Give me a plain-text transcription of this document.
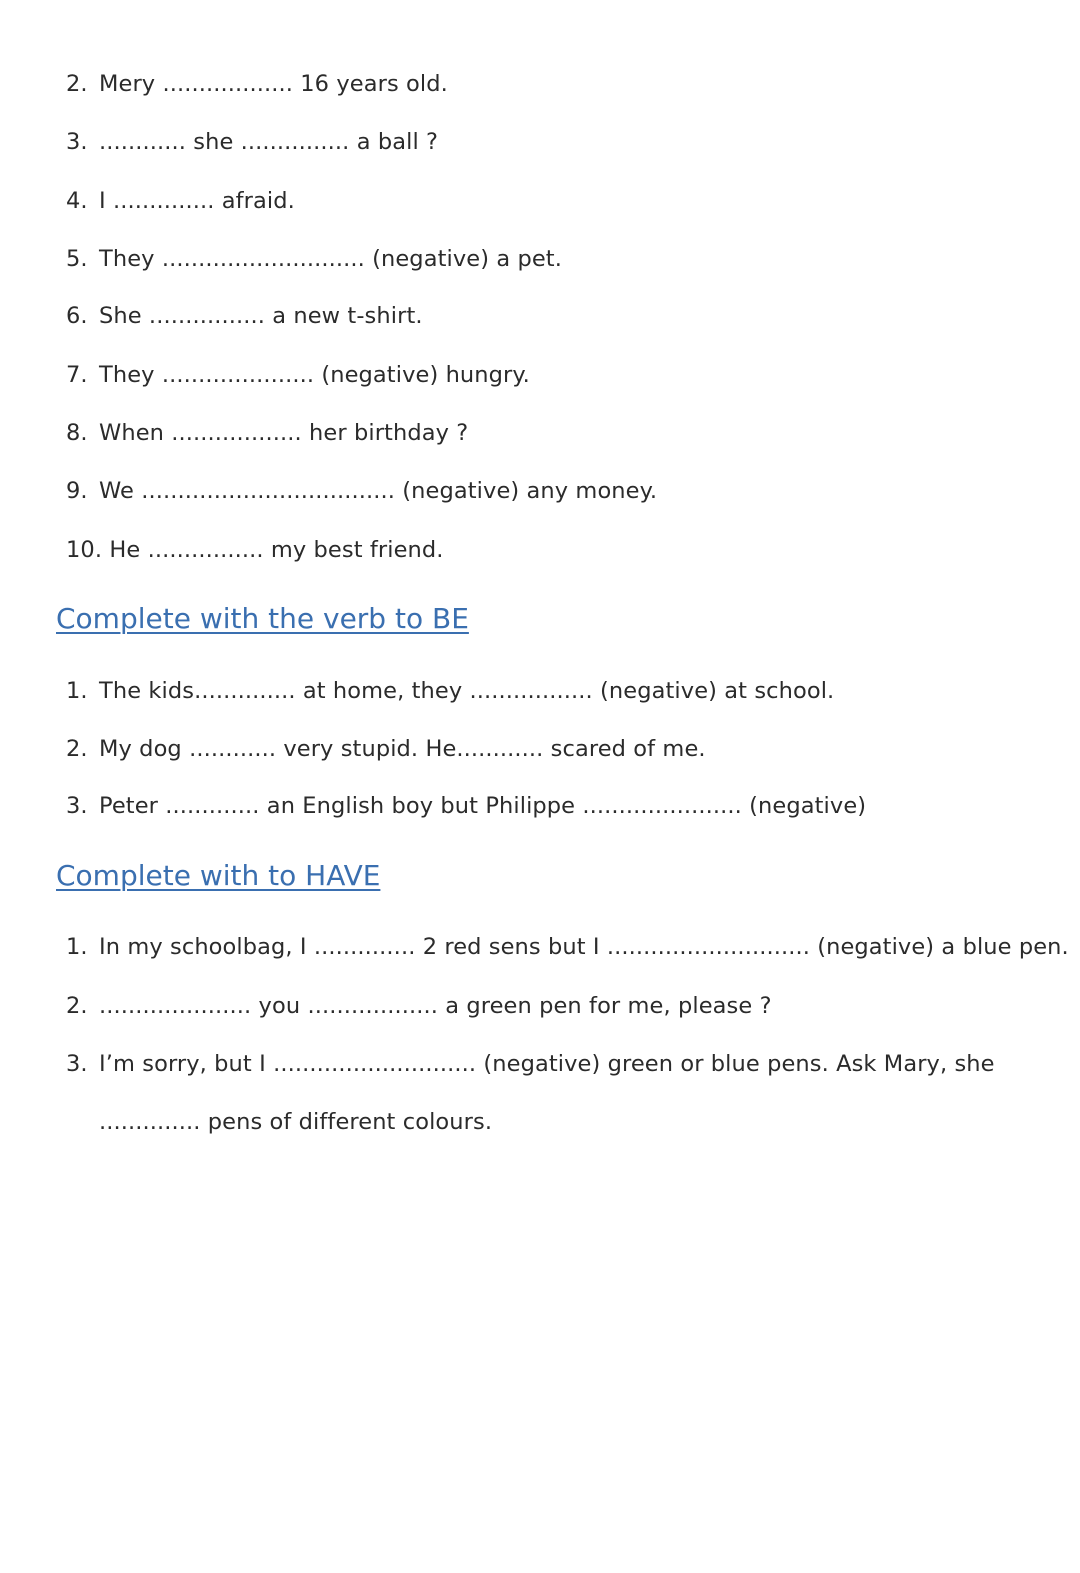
2. Mery .................. 16 years old.
3. ............ she ............... a ball ?
4. I .............. afraid.
5. They ............................ (negative) a pet.
6. She ................ a new t-shirt.
7. They ..................... (negative) hungry.
8. When .................. her birthday ?
9. We ................................... (negative) any money.
10. He ................ my best friend.
Complete with the verb to BE
1. The kids.............. at home, they ................. (negative) at school.
2. My dog ............ very stupid. He............ scared of me.
3. Peter ............. an English boy but Philippe ...................... (negative)
Complete with to HAVE
1. In my schoolbag, I .............. 2 red sens but I ............................ (negative) a blue pen.
2. ..................... you .................. a green pen for me, please ?
3. I’m sorry, but I ............................ (negative) green or blue pens. Ask Mary, she
.............. pens of different colours.
